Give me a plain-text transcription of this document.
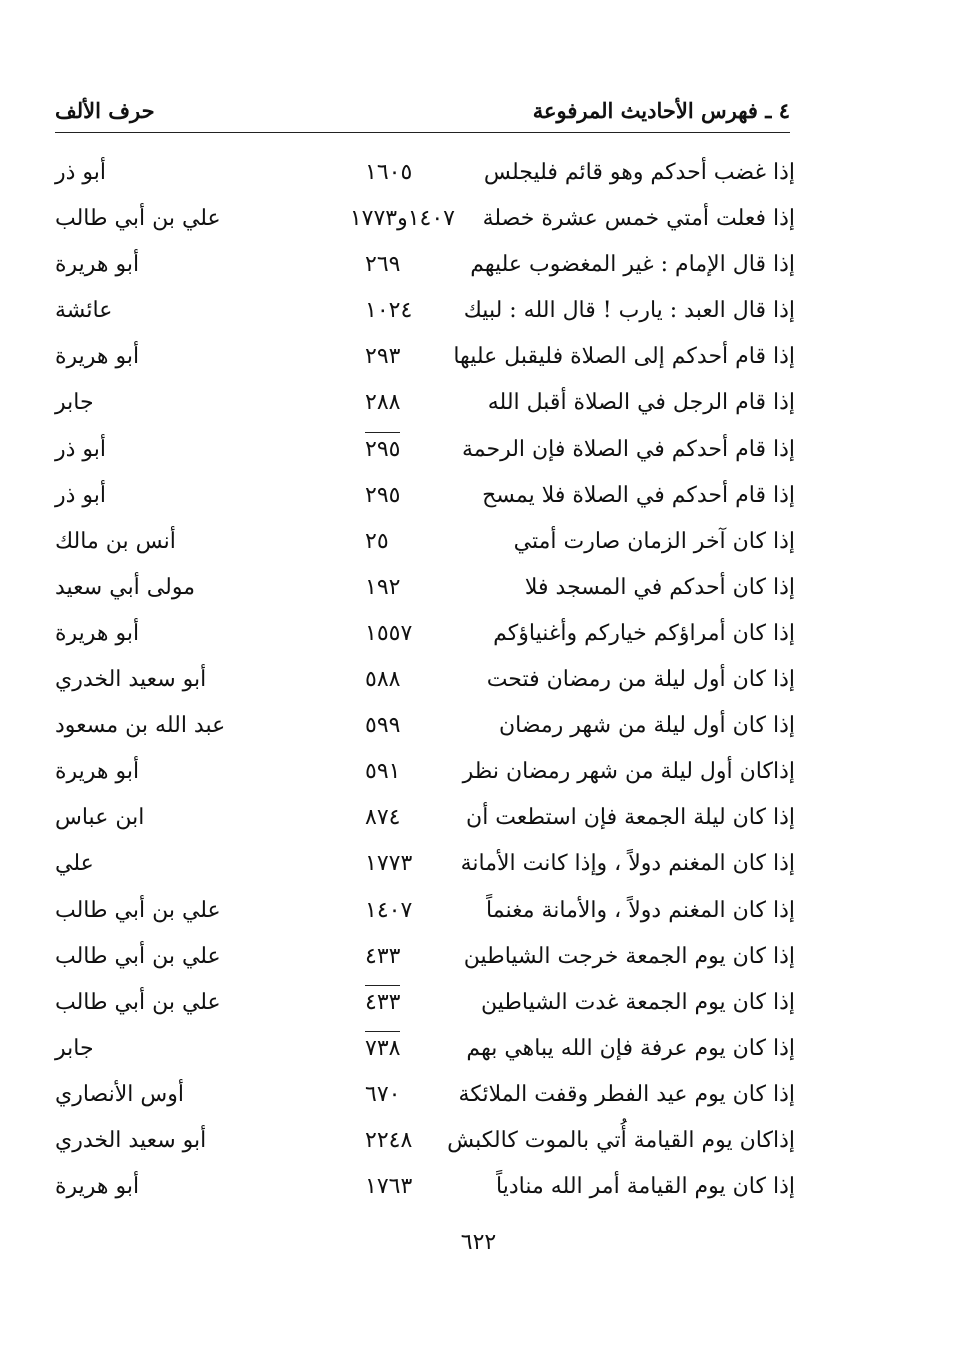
٤ ـ فهرس الأحاديث المرفوعة
حرف الألف
إذا غضب أحدكم وهو قائم فليجلس
١٦٠٥
أبو ذر
إذا فعلت أمتي خمس عشرة خصلة
١٤٠٧و١٧٧٣
علي بن أبي طالب
إذا قال الإمام : غير المغضوب عليهم
٢٦٩
أبو هريرة
إذا قال العبد : يارب ! قال الله : لبيك
١٠٢٤
عائشة
إذا قام أحدكم إلى الصلاة فليقبل عليها
٢٩٣
أبو هريرة
إذا قام الرجل في الصلاة أقبل الله
٢٨٨
جابر
إذا قام أحدكم في الصلاة فإن الرحمة
٢٩٥
أبو ذر
إذا قام أحدكم في الصلاة فلا يمسح
٢٩٥
أبو ذر
إذا كان آخر الزمان صارت أمتي
٢٥
أنس بن مالك
إذا كان أحدكم في المسجد فلا
١٩٢
مولى أبي سعيد
إذا كان أمراؤكم خياركم وأغنياؤكم
١٥٥٧
أبو هريرة
إذا كان أول ليلة من رمضان فتحت
٥٨٨
أبو سعيد الخدري
إذا كان أول ليلة من شهر رمضان
٥٩٩
عبد الله بن مسعود
إذاكان أول ليلة من شهر رمضان نظر
٥٩١
أبو هريرة
إذا كان ليلة الجمعة فإن استطعت أن
٨٧٤
ابن عباس
إذا كان المغنم دولاً ، وإذا كانت الأمانة
١٧٧٣
علي
إذا كان المغنم دولاً ، والأمانة مغنماً
١٤٠٧
علي بن أبي طالب
إذا كان يوم الجمعة خرجت الشياطين
٤٣٣
علي بن أبي طالب
إذا كان يوم الجمعة غدت الشياطين
٤٣٣
علي بن أبي طالب
إذا كان يوم عرفة فإن الله يباهي بهم
٧٣٨
جابر
إذا كان يوم عيد الفطر وقفت الملائكة
٦٧٠
أوس الأنصاري
إذاكان يوم القيامة أُتي بالموت كالكبش
٢٢٤٨
أبو سعيد الخدري
إذا كان يوم القيامة أمر الله منادياً
١٧٦٣
أبو هريرة
٦٢٢
